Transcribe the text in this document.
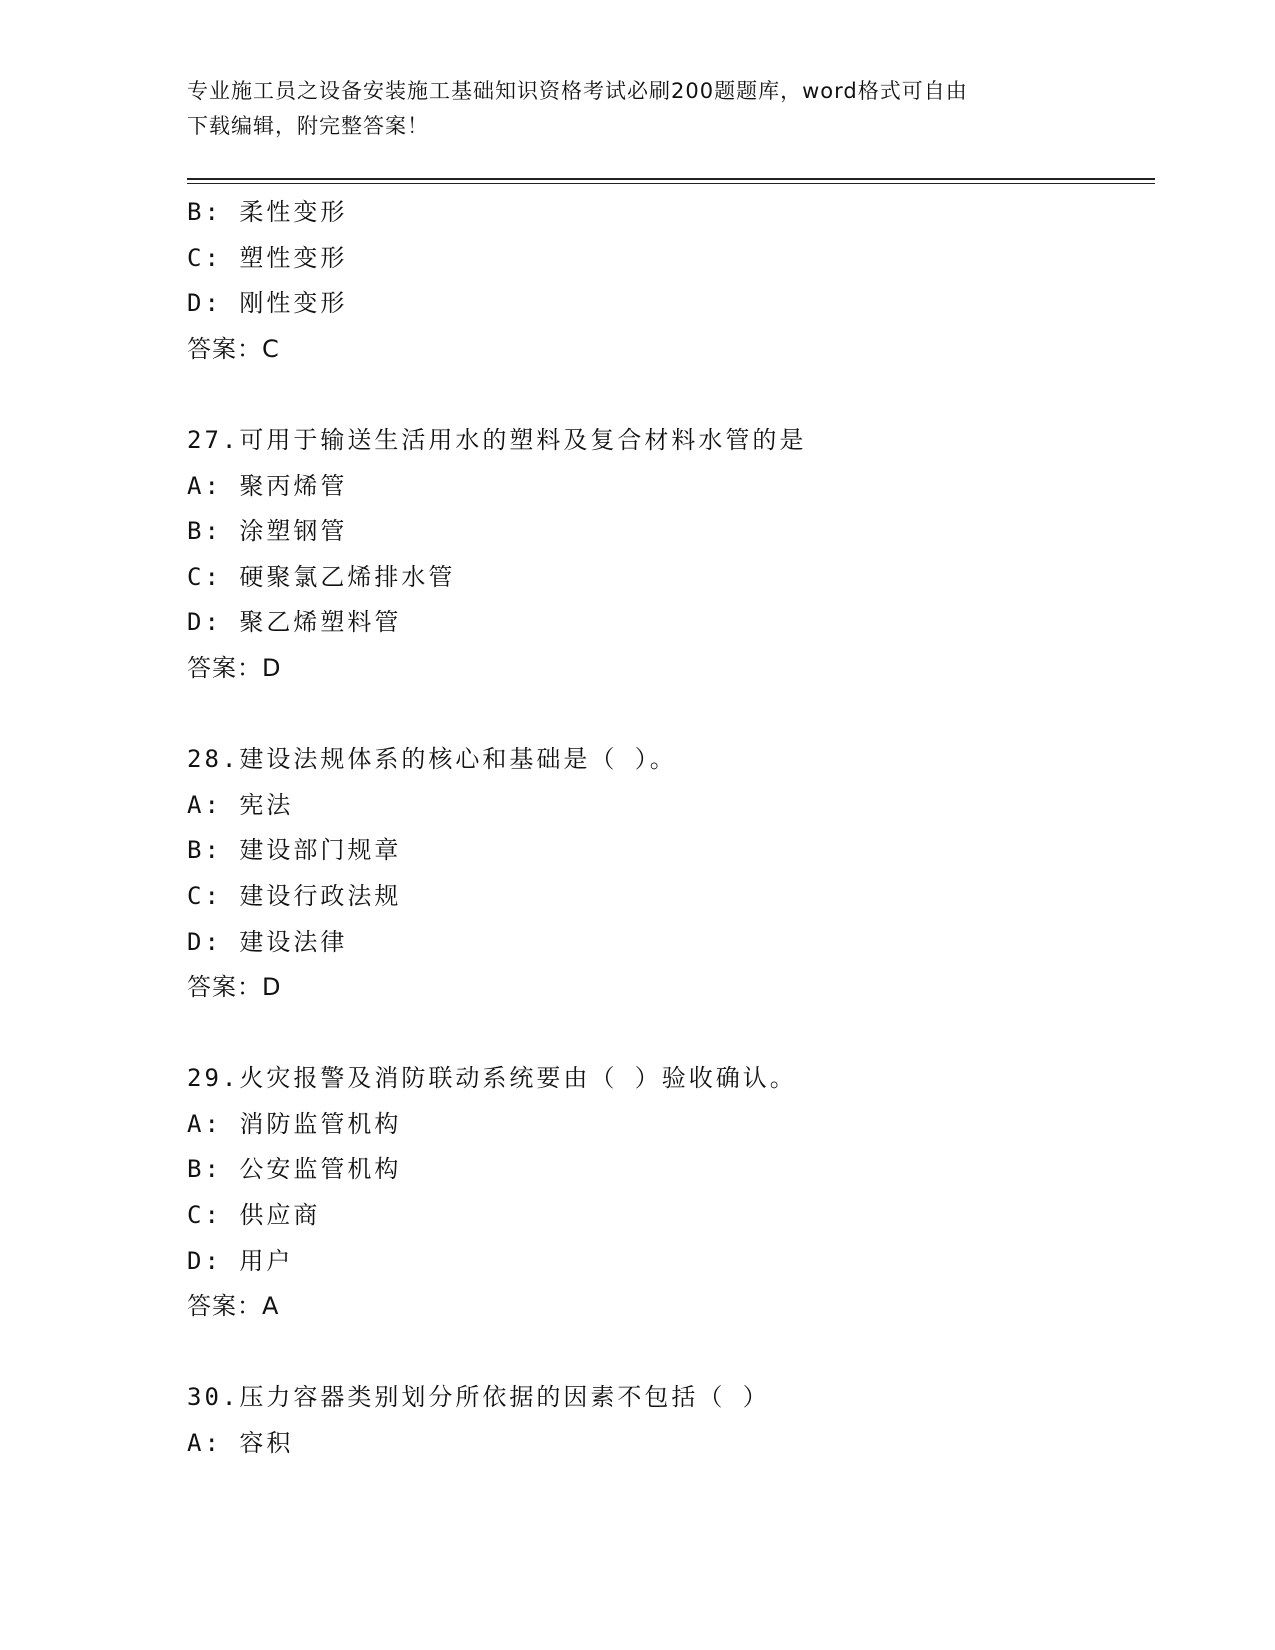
专业施工员之设备安装施工基础知识资格考试必刷200题题库，word格式可自由
下载编辑，附完整答案！
B: 柔性变形
C: 塑性变形
D: 刚性变形
答案：C
27.可用于输送生活用水的塑料及复合材料水管的是
A: 聚丙烯管
B: 涂塑钢管
C: 硬聚氯乙烯排水管
D: 聚乙烯塑料管
答案：D
28.建设法规体系的核心和基础是（ ）。
A: 宪法
B: 建设部门规章
C: 建设行政法规
D: 建设法律
答案：D
29.火灾报警及消防联动系统要由（ ）验收确认。
A: 消防监管机构
B: 公安监管机构
C: 供应商
D: 用户
答案：A
30.压力容器类别划分所依据的因素不包括（ ）
A: 容积
